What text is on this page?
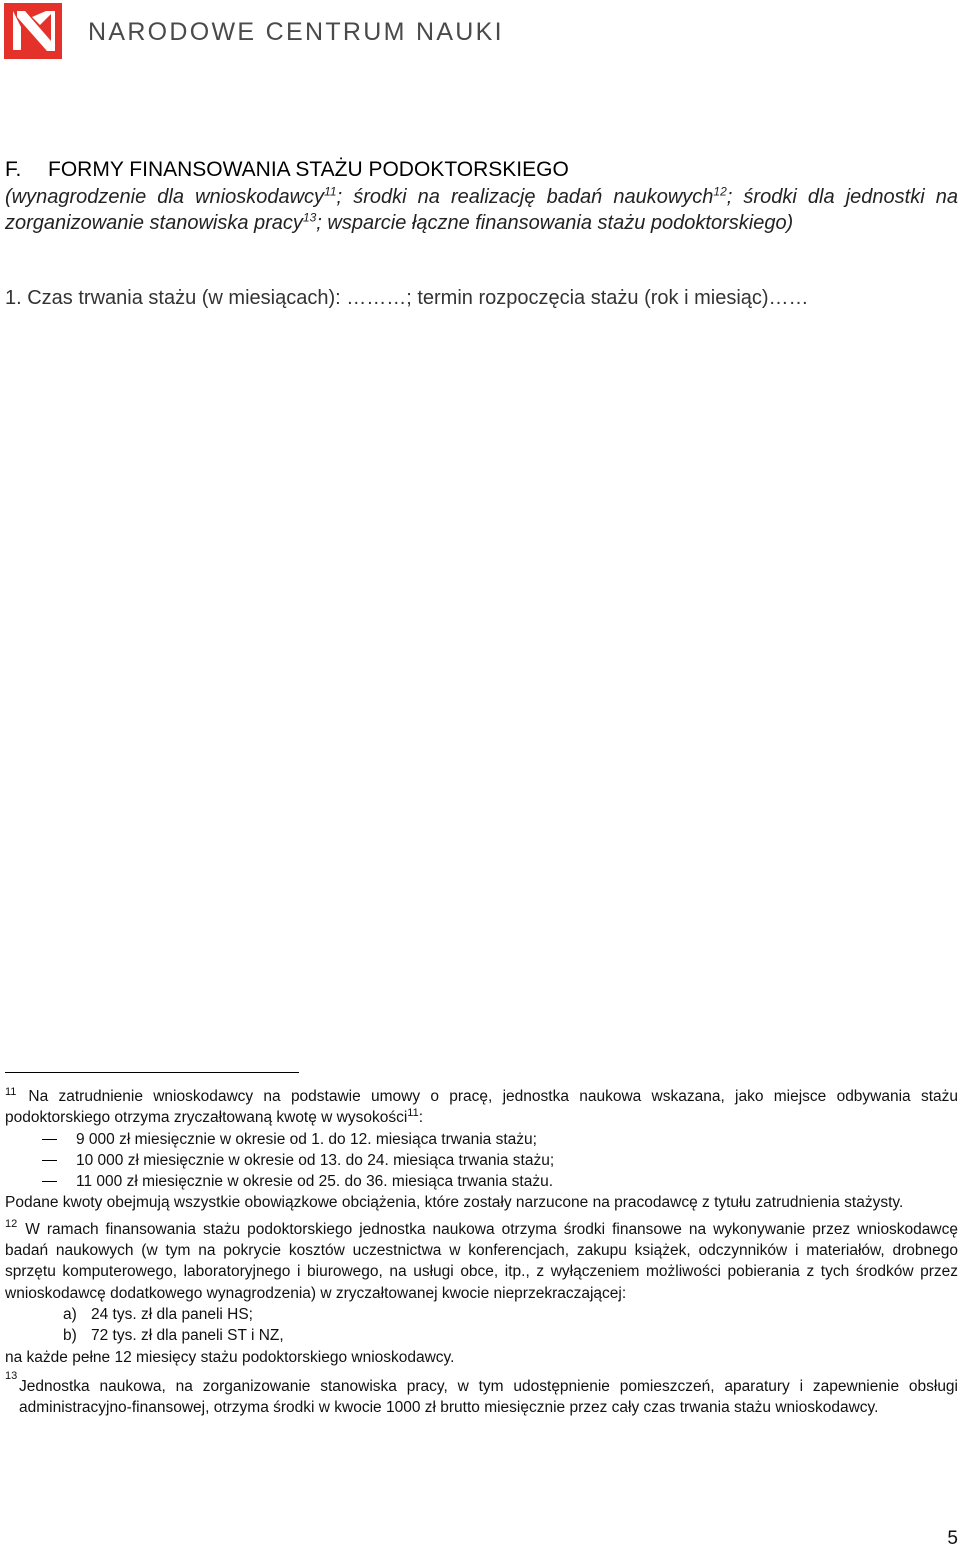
NARODOWE CENTRUM NAUKI
F. FORMY FINANSOWANIA STAŻU PODOKTORSKIEGO

(wynagrodzenie dla wnioskodawcy$^{11}$; środki na realizację badań naukowych$^{12}$; środki dla jednostki na zorganizowanie stanowiska pracy$^{13}$; wsparcie łączne finansowania stażu podoktorskiego)

1. Czas trwania stażu (w miesiącach): ………; termin rozpoczęcia stażu (rok i miesiąc)……

$^{11}$ Na zatrudnienie wnioskodawcy na podstawie umowy o pracę, jednostka naukowa wskazana, jako miejsce odbywania stażu podoktorskiego otrzyma zryczałtowaną kwotę w wysokości$^{11}$:

9 000 zł miesięcznie w okresie od 1. do 12. miesiąca trwania stażu;
10 000 zł miesięcznie w okresie od 13. do 24. miesiąca trwania stażu;
11 000 zł miesięcznie w okresie od 25. do 36. miesiąca trwania stażu.

Podane kwoty obejmują wszystkie obowiązkowe obciążenia, które zostały narzucone na pracodawcę z tytułu zatrudnienia stażysty.

$^{12}$ W ramach finansowania stażu podoktorskiego jednostka naukowa otrzyma środki finansowe na wykonywanie przez wnioskodawcę badań naukowych (w tym na pokrycie kosztów uczestnictwa w konferencjach, zakupu książek, odczynników i materiałów, drobnego sprzętu komputerowego, laboratoryjnego i biurowego, na usługi obce, itp., z wyłączeniem możliwości pobierania z tych środków przez wnioskodawcę dodatkowego wynagrodzenia) w zryczałtowanej kwocie nieprzekraczającej:

a) 24 tys. zł dla paneli HS;
b) 72 tys. zł dla paneli ST i NZ,

na każde pełne 12 miesięcy stażu podoktorskiego wnioskodawcy.

13

Jednostka naukowa, na zorganizowanie stanowiska pracy, w tym udostępnienie pomieszczeń, aparatury i zapewnienie obsługi administracyjno-finansowej, otrzyma środki w kwocie 1000 zł brutto miesięcznie przez cały czas trwania stażu wnioskodawcy.

5
